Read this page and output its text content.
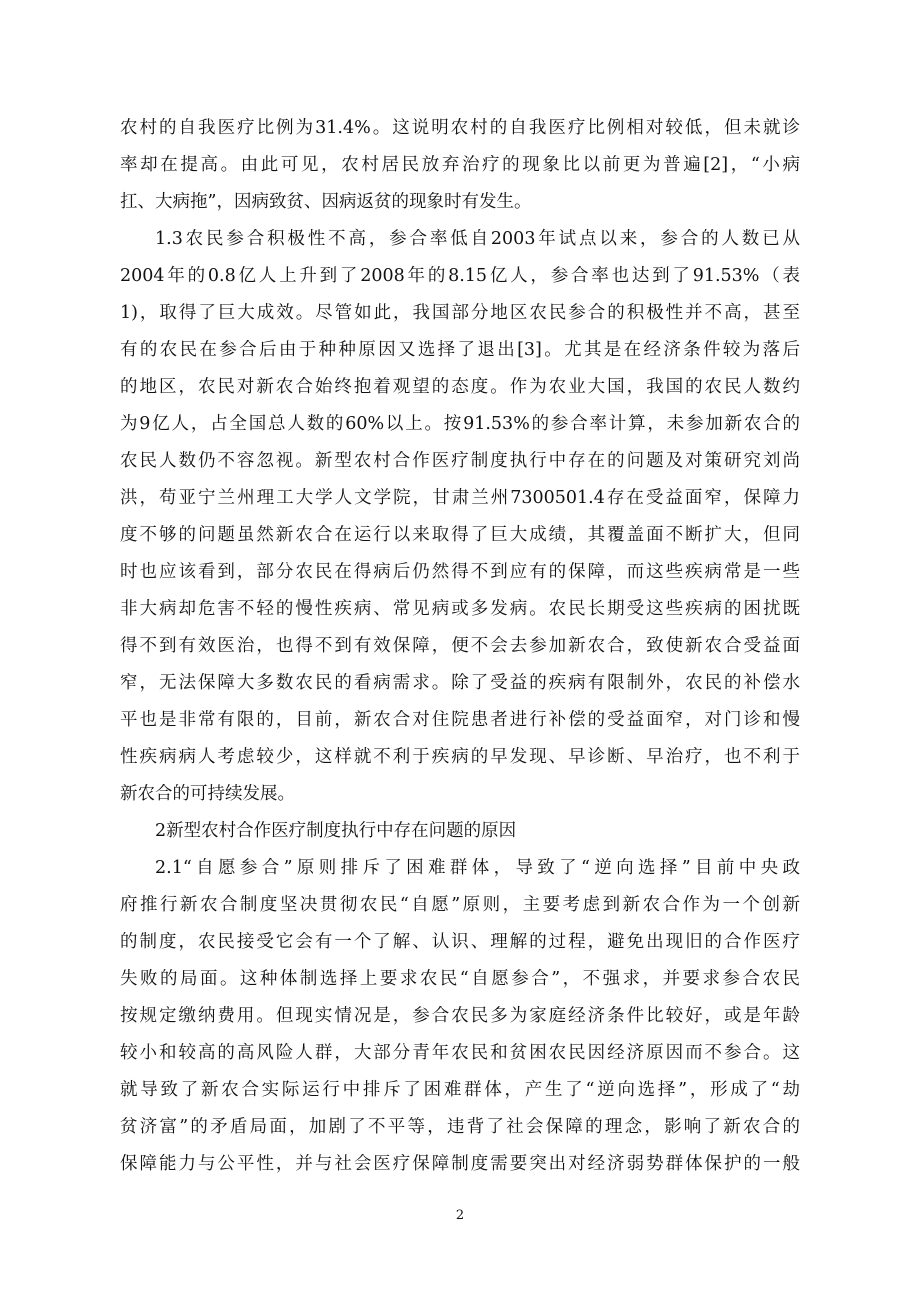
农村的自我医疗比例为31.4%。这说明农村的自我医疗比例相对较低，但未就诊
率却在提高。由此可见，农村居民放弃治疗的现象比以前更为普遍[2]，“小病
扛、大病拖”，因病致贫、因病返贫的现象时有发生。
1.3农民参合积极性不高，参合率低自2003年试点以来，参合的人数已从
2004年的0.8亿人上升到了2008年的8.15亿人，参合率也达到了91.53%（表
1)，取得了巨大成效。尽管如此，我国部分地区农民参合的积极性并不高，甚至
有的农民在参合后由于种种原因又选择了退出[3]。尤其是在经济条件较为落后
的地区，农民对新农合始终抱着观望的态度。作为农业大国，我国的农民人数约
为9亿人，占全国总人数的60%以上。按91.53%的参合率计算，未参加新农合的
农民人数仍不容忽视。新型农村合作医疗制度执行中存在的问题及对策研究刘尚
洪，苟亚宁兰州理工大学人文学院，甘肃兰州7300501.4存在受益面窄，保障力
度不够的问题虽然新农合在运行以来取得了巨大成绩，其覆盖面不断扩大，但同
时也应该看到，部分农民在得病后仍然得不到应有的保障，而这些疾病常是一些
非大病却危害不轻的慢性疾病、常见病或多发病。农民长期受这些疾病的困扰既
得不到有效医治，也得不到有效保障，便不会去参加新农合，致使新农合受益面
窄，无法保障大多数农民的看病需求。除了受益的疾病有限制外，农民的补偿水
平也是非常有限的，目前，新农合对住院患者进行补偿的受益面窄，对门诊和慢
性疾病病人考虑较少，这样就不利于疾病的早发现、早诊断、早治疗，也不利于
新农合的可持续发展。
2新型农村合作医疗制度执行中存在问题的原因
2.1“自愿参合”原则排斥了困难群体，导致了“逆向选择”目前中央政
府推行新农合制度坚决贯彻农民“自愿”原则，主要考虑到新农合作为一个创新
的制度，农民接受它会有一个了解、认识、理解的过程，避免出现旧的合作医疗
失败的局面。这种体制选择上要求农民“自愿参合”，不强求，并要求参合农民
按规定缴纳费用。但现实情况是，参合农民多为家庭经济条件比较好，或是年龄
较小和较高的高风险人群，大部分青年农民和贫困农民因经济原因而不参合。这
就导致了新农合实际运行中排斥了困难群体，产生了“逆向选择”，形成了“劫
贫济富”的矛盾局面，加剧了不平等，违背了社会保障的理念，影响了新农合的
保障能力与公平性，并与社会医疗保障制度需要突出对经济弱势群体保护的一般
2
